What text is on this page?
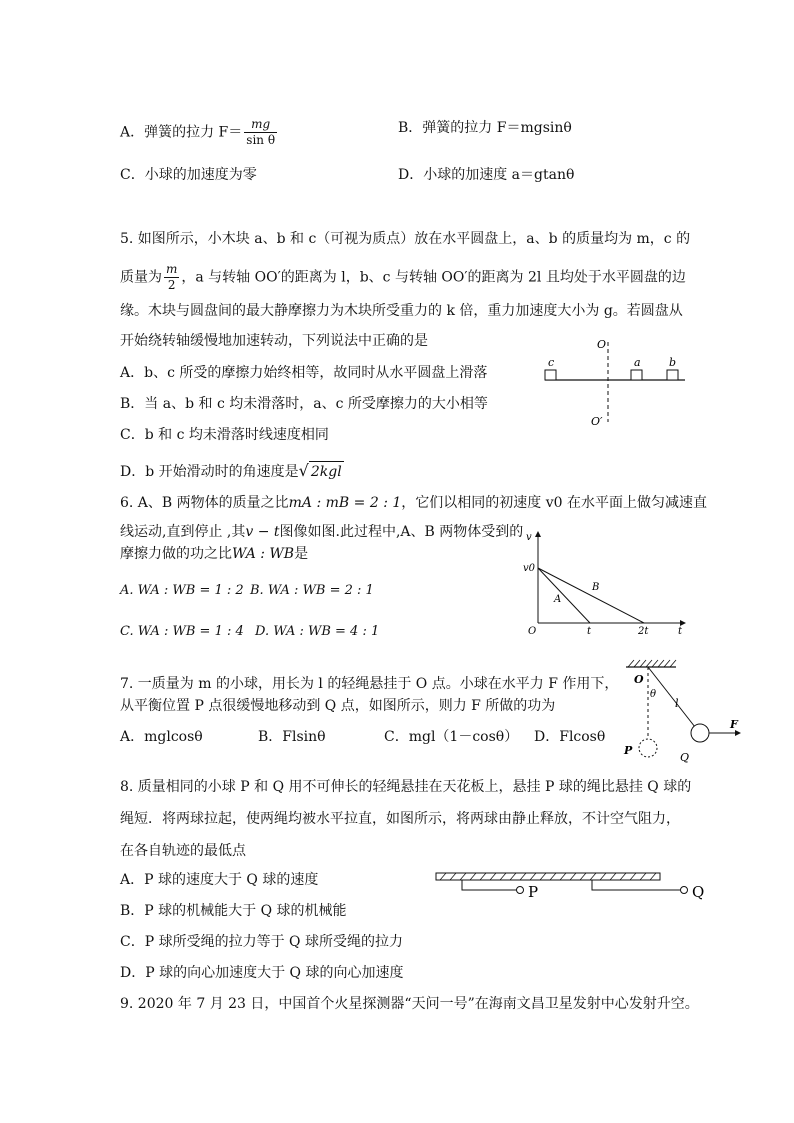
A．弹簧的拉力 $F= \frac{mg}{\text{sin θ}}$	B．弹簧的拉力 F＝mgsinθ
C．小球的加速度为零	D．小球的加速度 a＝gtanθ
5. 如图所示，小木块 a、b 和 c（可视为质点）放在水平圆盘上，a、b 的质量均为 m，c 的
质量为 $\frac{m}{2}$ ，a 与转轴 OO′的距离为 l，b、c 与转轴 OO′的距离为 2l 且均处于水平圆盘的边
缘。木块与圆盘间的最大静摩擦力为木块所受重力的 k 倍，重力加速度大小为 g。若圆盘从
开始绕转轴缓慢地加速转动，下列说法中正确的是
A．b、c 所受的摩擦力始终相等，故同时从水平圆盘上滑落
B．当 a、b 和 c 均未滑落时，a、c 所受摩擦力的大小相等
C．b 和 c 均未滑落时线速度相同
D．b 开始滑动时的角速度是√ 2kgl
O
O′
c	a	b
6. A、B 两物体的质量之比mA : mB = 2 : 1，它们以相同的初速度 v0 在水平面上做匀减速直
线运动,直到停止 ,其v − t图像如图.此过程中,A、B 两物体受到的
摩擦力做的功之比WA : WB是
A. WA : WB = 1 : 2 B. WA : WB = 2 : 1
C. WA : WB = 1 : 4 D. WA : WB = 4 : 1
v
v0
O	t
t	2t
A
B
7. 一质量为 m 的小球，用长为 l 的轻绳悬挂于 O 点。小球在水平力 F 作用下，
从平衡位置 P 点很缓慢地移动到 Q 点，如图所示，则力 F 所做的功为
A．mglcosθ	B．Flsinθ	C．mgl（1－cosθ） D．Flcosθ
O
θ
l
F
P
Q
8. 质量相同的小球 P 和 Q 用不可伸长的轻绳悬挂在天花板上，悬挂 P 球的绳比悬挂 Q 球的
绳短．将两球拉起，使两绳均被水平拉直，如图所示，将两球由静止释放，不计空气阻力，
在各自轨迹的最低点
A．P 球的速度大于 Q 球的速度
B．P 球的机械能大于 Q 球的机械能
C．P 球所受绳的拉力等于 Q 球所受绳的拉力
D．P 球的向心加速度大于 Q 球的向心加速度
P	Q
9. 2020 年 7 月 23 日，中国首个火星探测器“天问一号”在海南文昌卫星发射中心发射升空。
